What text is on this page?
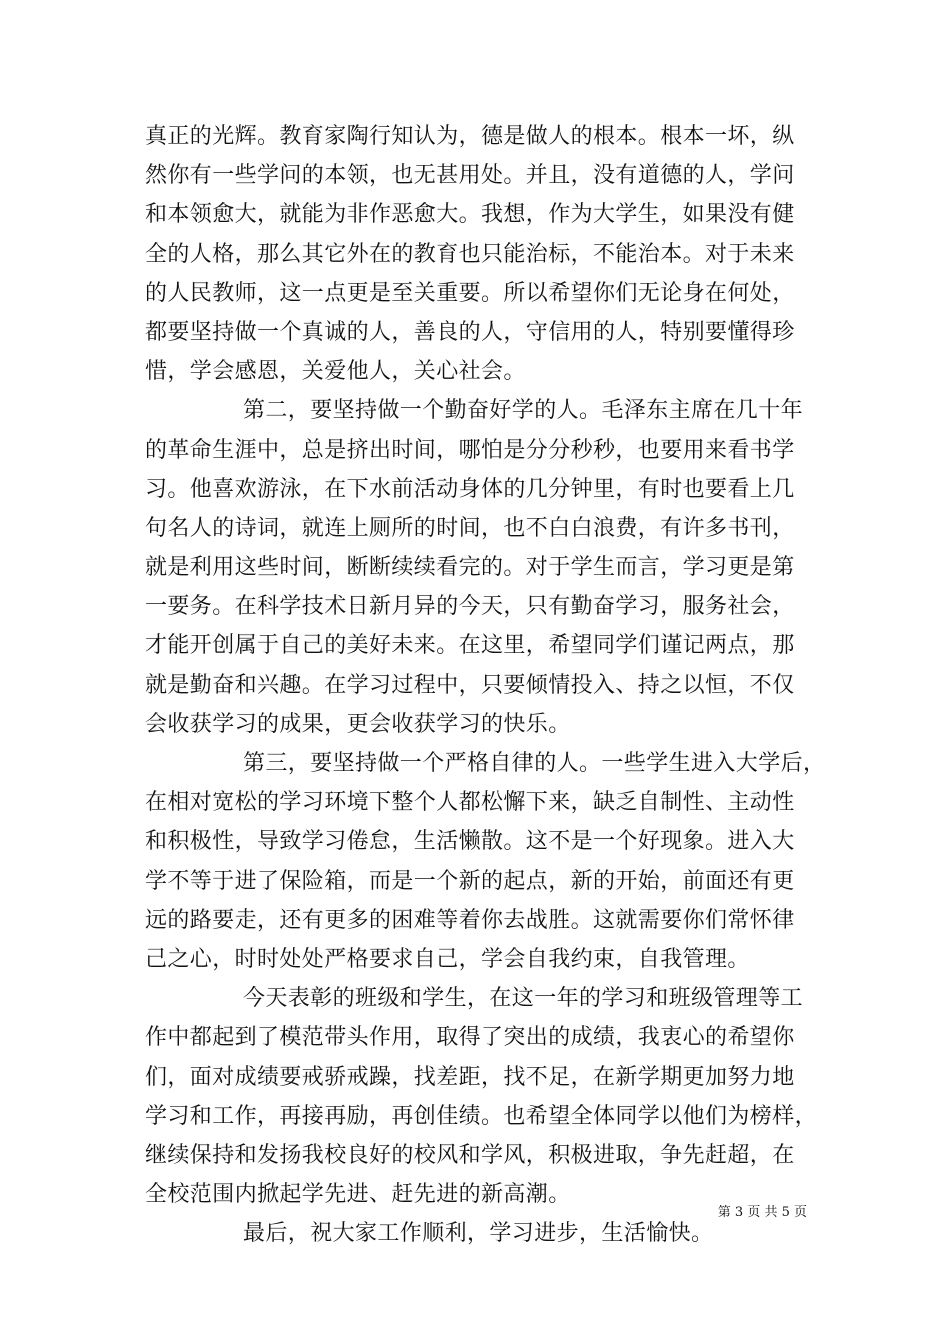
真正的光辉。教育家陶行知认为，德是做人的根本。根本一坏，纵
然你有一些学问的本领，也无甚用处。并且，没有道德的人，学问
和本领愈大，就能为非作恶愈大。我想，作为大学生，如果没有健
全的人格，那么其它外在的教育也只能治标，不能治本。对于未来
的人民教师，这一点更是至关重要。所以希望你们无论身在何处，
都要坚持做一个真诚的人，善良的人，守信用的人，特别要懂得珍
惜，学会感恩，关爱他人，关心社会。
第二，要坚持做一个勤奋好学的人。毛泽东主席在几十年
的革命生涯中，总是挤出时间，哪怕是分分秒秒，也要用来看书学
习。他喜欢游泳，在下水前活动身体的几分钟里，有时也要看上几
句名人的诗词，就连上厕所的时间，也不白白浪费，有许多书刊，
就是利用这些时间，断断续续看完的。对于学生而言，学习更是第
一要务。在科学技术日新月异的今天，只有勤奋学习，服务社会，
才能开创属于自己的美好未来。在这里，希望同学们谨记两点，那
就是勤奋和兴趣。在学习过程中，只要倾情投入、持之以恒，不仅
会收获学习的成果，更会收获学习的快乐。
第三，要坚持做一个严格自律的人。一些学生进入大学后，
在相对宽松的学习环境下整个人都松懈下来，缺乏自制性、主动性
和积极性，导致学习倦怠，生活懒散。这不是一个好现象。进入大
学不等于进了保险箱，而是一个新的起点，新的开始，前面还有更
远的路要走，还有更多的困难等着你去战胜。这就需要你们常怀律
己之心，时时处处严格要求自己，学会自我约束，自我管理。
今天表彰的班级和学生，在这一年的学习和班级管理等工
作中都起到了模范带头作用，取得了突出的成绩，我衷心的希望你
们，面对成绩要戒骄戒躁，找差距，找不足，在新学期更加努力地
学习和工作，再接再励，再创佳绩。也希望全体同学以他们为榜样，
继续保持和发扬我校良好的校风和学风，积极进取，争先赶超，在
全校范围内掀起学先进、赶先进的新高潮。
最后，祝大家工作顺利，学习进步，生活愉快。
第 3 页 共 5 页
